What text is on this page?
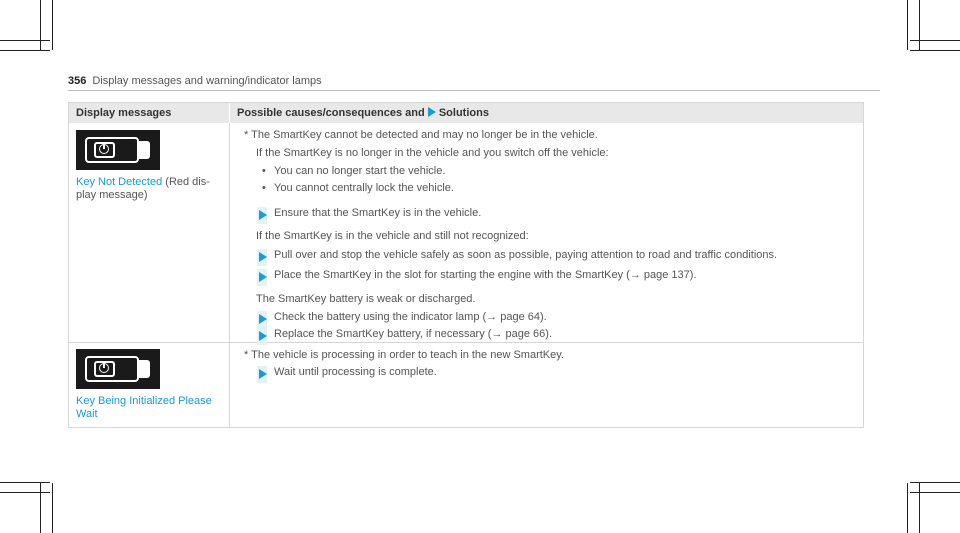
356 Display messages and warning/indicator lamps
Display messages	Possible causes/consequences and Solutions
Key Not Detected (Red dis-
play message)
* The SmartKey cannot be detected and may no longer be in the vehicle.
If the SmartKey is no longer in the vehicle and you switch off the vehicle:
• You can no longer start the vehicle.
• You cannot centrally lock the vehicle.
Ensure that the SmartKey is in the vehicle.
If the SmartKey is in the vehicle and still not recognized:
Pull over and stop the vehicle safely as soon as possible, paying attention to road and traffic conditions.
Place the SmartKey in the slot for starting the engine with the SmartKey (→ page 137).
The SmartKey battery is weak or discharged.
Check the battery using the indicator lamp (→ page 64).
Replace the SmartKey battery, if necessary (→ page 66).
Key Being Initialized Please
Wait
* The vehicle is processing in order to teach in the new SmartKey.
Wait until processing is complete.
